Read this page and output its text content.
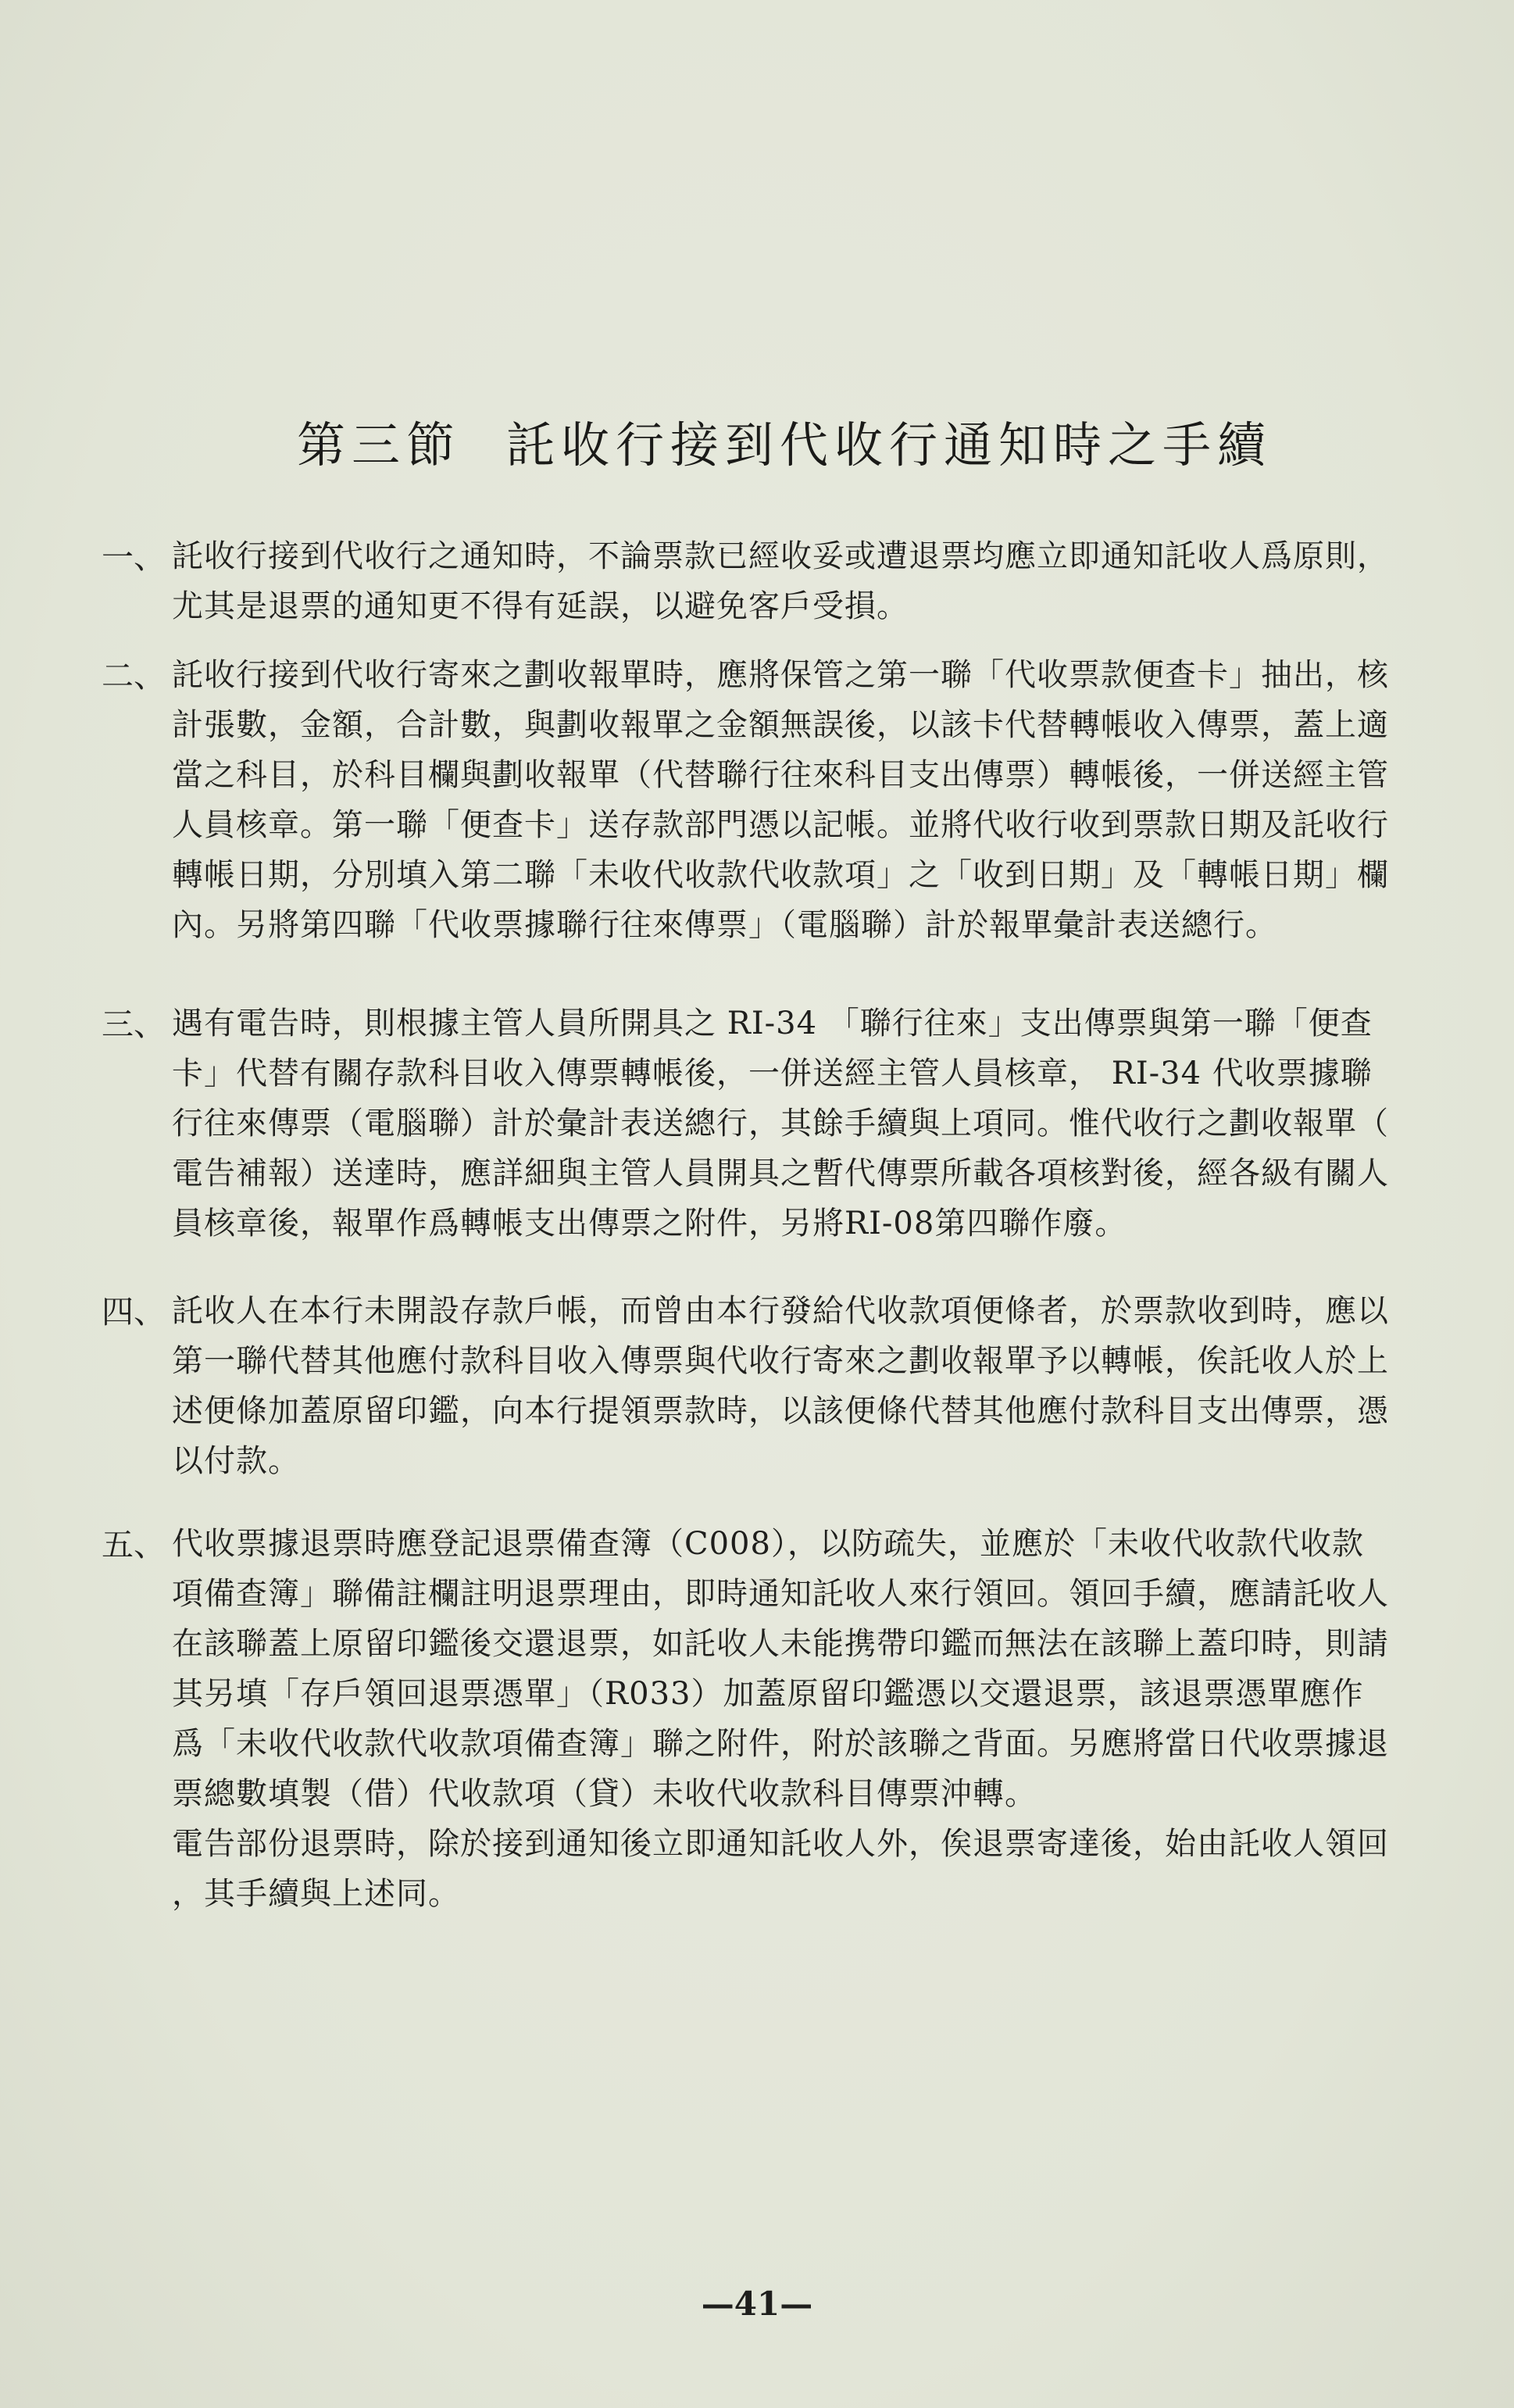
第三節 託收行接到代收行通知時之手續
一、 託收行接到代收行之通知時，不論票款已經收妥或遭退票均應立即通知託收人爲原則，
尤其是退票的通知更不得有延誤，以避免客戶受損。
二、 託收行接到代收行寄來之劃收報單時，應將保管之第一聯「代收票款便查卡」抽出，核
計張數，金額，合計數，與劃收報單之金額無誤後，以該卡代替轉帳收入傳票，蓋上適
當之科目，於科目欄與劃收報單（代替聯行往來科目支出傳票）轉帳後，一併送經主管
人員核章。第一聯「便查卡」送存款部門憑以記帳。並將代收行收到票款日期及託收行
轉帳日期，分別填入第二聯「未收代收款代收款項」之「收到日期」及「轉帳日期」欄
內。另將第四聯「代收票據聯行往來傳票」（電腦聯）計於報單彙計表送總行。
三、 遇有電告時，則根據主管人員所開具之 RI-34 「聯行往來」支出傳票與第一聯「便查
卡」代替有關存款科目收入傳票轉帳後，一併送經主管人員核章， RI-34 代收票據聯
行往來傳票（電腦聯）計於彙計表送總行，其餘手續與上項同。惟代收行之劃收報單（
電告補報）送達時，應詳細與主管人員開具之暫代傳票所載各項核對後，經各級有關人
員核章後，報單作爲轉帳支出傳票之附件，另將RI-08第四聯作廢。
四、 託收人在本行未開設存款戶帳，而曾由本行發給代收款項便條者，於票款收到時，應以
第一聯代替其他應付款科目收入傳票與代收行寄來之劃收報單予以轉帳，俟託收人於上
述便條加蓋原留印鑑，向本行提領票款時，以該便條代替其他應付款科目支出傳票，憑
以付款。
五、 代收票據退票時應登記退票備查簿（C008），以防疏失，並應於「未收代收款代收款
項備查簿」聯備註欄註明退票理由，即時通知託收人來行領回。領回手續，應請託收人
在該聯蓋上原留印鑑後交還退票，如託收人未能携帶印鑑而無法在該聯上蓋印時，則請
其另填「存戶領回退票憑單」（R033）加蓋原留印鑑憑以交還退票，該退票憑單應作
爲「未收代收款代收款項備查簿」聯之附件，附於該聯之背面。另應將當日代收票據退
票總數填製（借）代收款項（貸）未收代收款科目傳票沖轉。
電告部份退票時，除於接到通知後立即通知託收人外，俟退票寄達後，始由託收人領回
，其手續與上述同。
—41—
